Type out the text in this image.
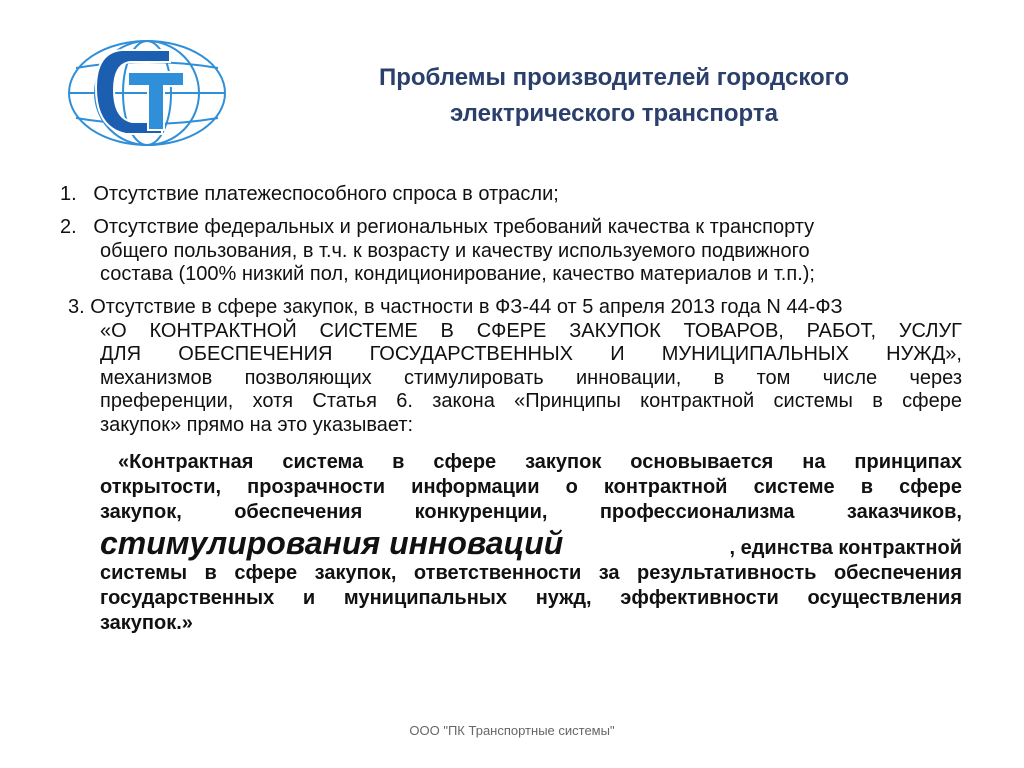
Проблемы производителей городского
электрического транспорта
1. Отсутствие платежеспособного спроса в отрасли;
2. Отсутствие федеральных и региональных требований качества к транспорту
общего пользования, в т.ч. к возрасту и качеству используемого подвижного
состава (100% низкий пол, кондиционирование, качество материалов и т.п.);
3. Отсутствие в сфере закупок, в частности в ФЗ-44 от 5 апреля 2013 года N 44-ФЗ
«О КОНТРАКТНОЙ СИСТЕМЕ В СФЕРЕ ЗАКУПОК ТОВАРОВ, РАБОТ, УСЛУГ
ДЛЯ ОБЕСПЕЧЕНИЯ ГОСУДАРСТВЕННЫХ И МУНИЦИПАЛЬНЫХ НУЖД»,
механизмов позволяющих стимулировать инновации, в том числе через
преференции, хотя Статья 6. закона «Принципы контрактной системы в сфере
закупок» прямо на это указывает:
«Контрактная система в сфере закупок основывается на принципах
открытости, прозрачности информации о контрактной системе в сфере
закупок, обеспечения конкуренции, профессионализма заказчиков,
стимулирования инноваций	, единства контрактной
системы в сфере закупок, ответственности за результативность обеспечения
государственных и муниципальных нужд, эффективности осуществления
закупок.»
ООО "ПК Транспортные системы"
